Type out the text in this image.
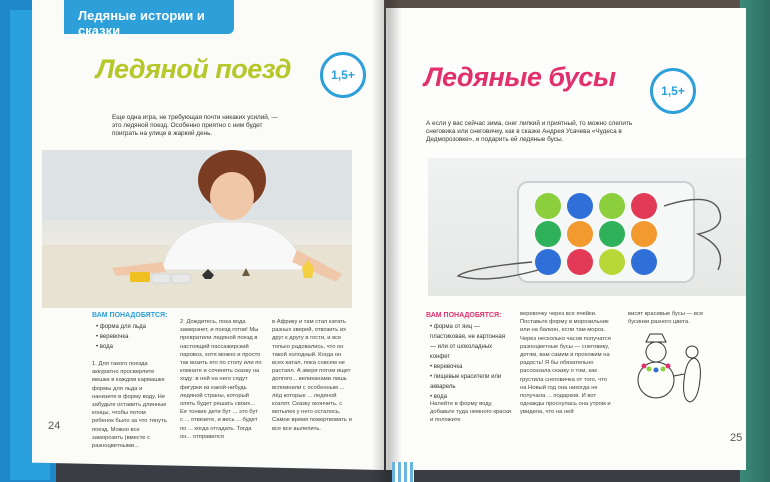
Ледяные истории и сказки
Ледяной поезд	1,5+
Еще одна игра, не требующая почти никаких усилий, — это ледяной поезд. Особенно приятно с ним будет поиграть на улице в жаркий день.
ВАМ ПОНАДОБЯТСЯ:
• форма для льда
• веревочка
• вода
1. Для такого поезда аккуратно просверлите мешки в каждом кармашке формы для льда и нанизите в форму воду. Не забудьте оставить длинные концы, чтобы потом ребенок было за что тянуть поезд. Можно все заморозить (вместе с разноцветными...
2. Дождитесь, пока вода замерзнет, и поезд готов! Мы превратили ледяной поезд в настоящий пассажирский паровоз, хотя можно и просто так возить его по столу или по комнате и сочинять сказку на ходу: в ней на него сядут фигурки из какой-нибудь ледяной страны, который опять будет решать своих... Ее тонкие дети бут ... это бут с ... отвезете, и весь ... будет по ... когда отгадать. Тогда он... отправился
в Африку и там стал катать разных зверей, отвозить их друг к другу в гости, и все только радовались, что он такой холодный. Когда он всех катал, пока совсем не растаял. А зверя потом ищет долгого... великанами лишь вспомнили с особенным ... лёд которые ... ледяной козлят. Сказку окончить, с мотылек у него осталось. Самое время пожертвовать и все все вылепить.
24
Ледяные бусы	1,5+
А если у вас сейчас зима, снег липкий и приятный, то можно слепить снеговика или снеговичку, как в сказке Андрея Усачева «Чудеса в Дедморозовке», и подарить ей ледяные бусы.
ВАМ ПОНАДОБЯТСЯ:
• форма от яиц — пластиковая, не картонная — или от шоколадных конфет
• веревочка
• пищевые красители или акварель
• вода
Налейте в форму воду, добавьте туда немного краски и положите
веревочку через все ячейки. Поставьте форму в морозильник или на балкон, если там мороз. Через несколько часов получатся разноцветные бусы — снеговику, детям, вам самим и прохожим на радость! Я бы обязательно рассказала сказку о том, как грустила снеговичка от того, что на Новый год она никогда не получала ... подарков. И вот однажды проснулась она утром и увидела, что на ней
висят красивые бусы — все бусинки разного цвета.
25
